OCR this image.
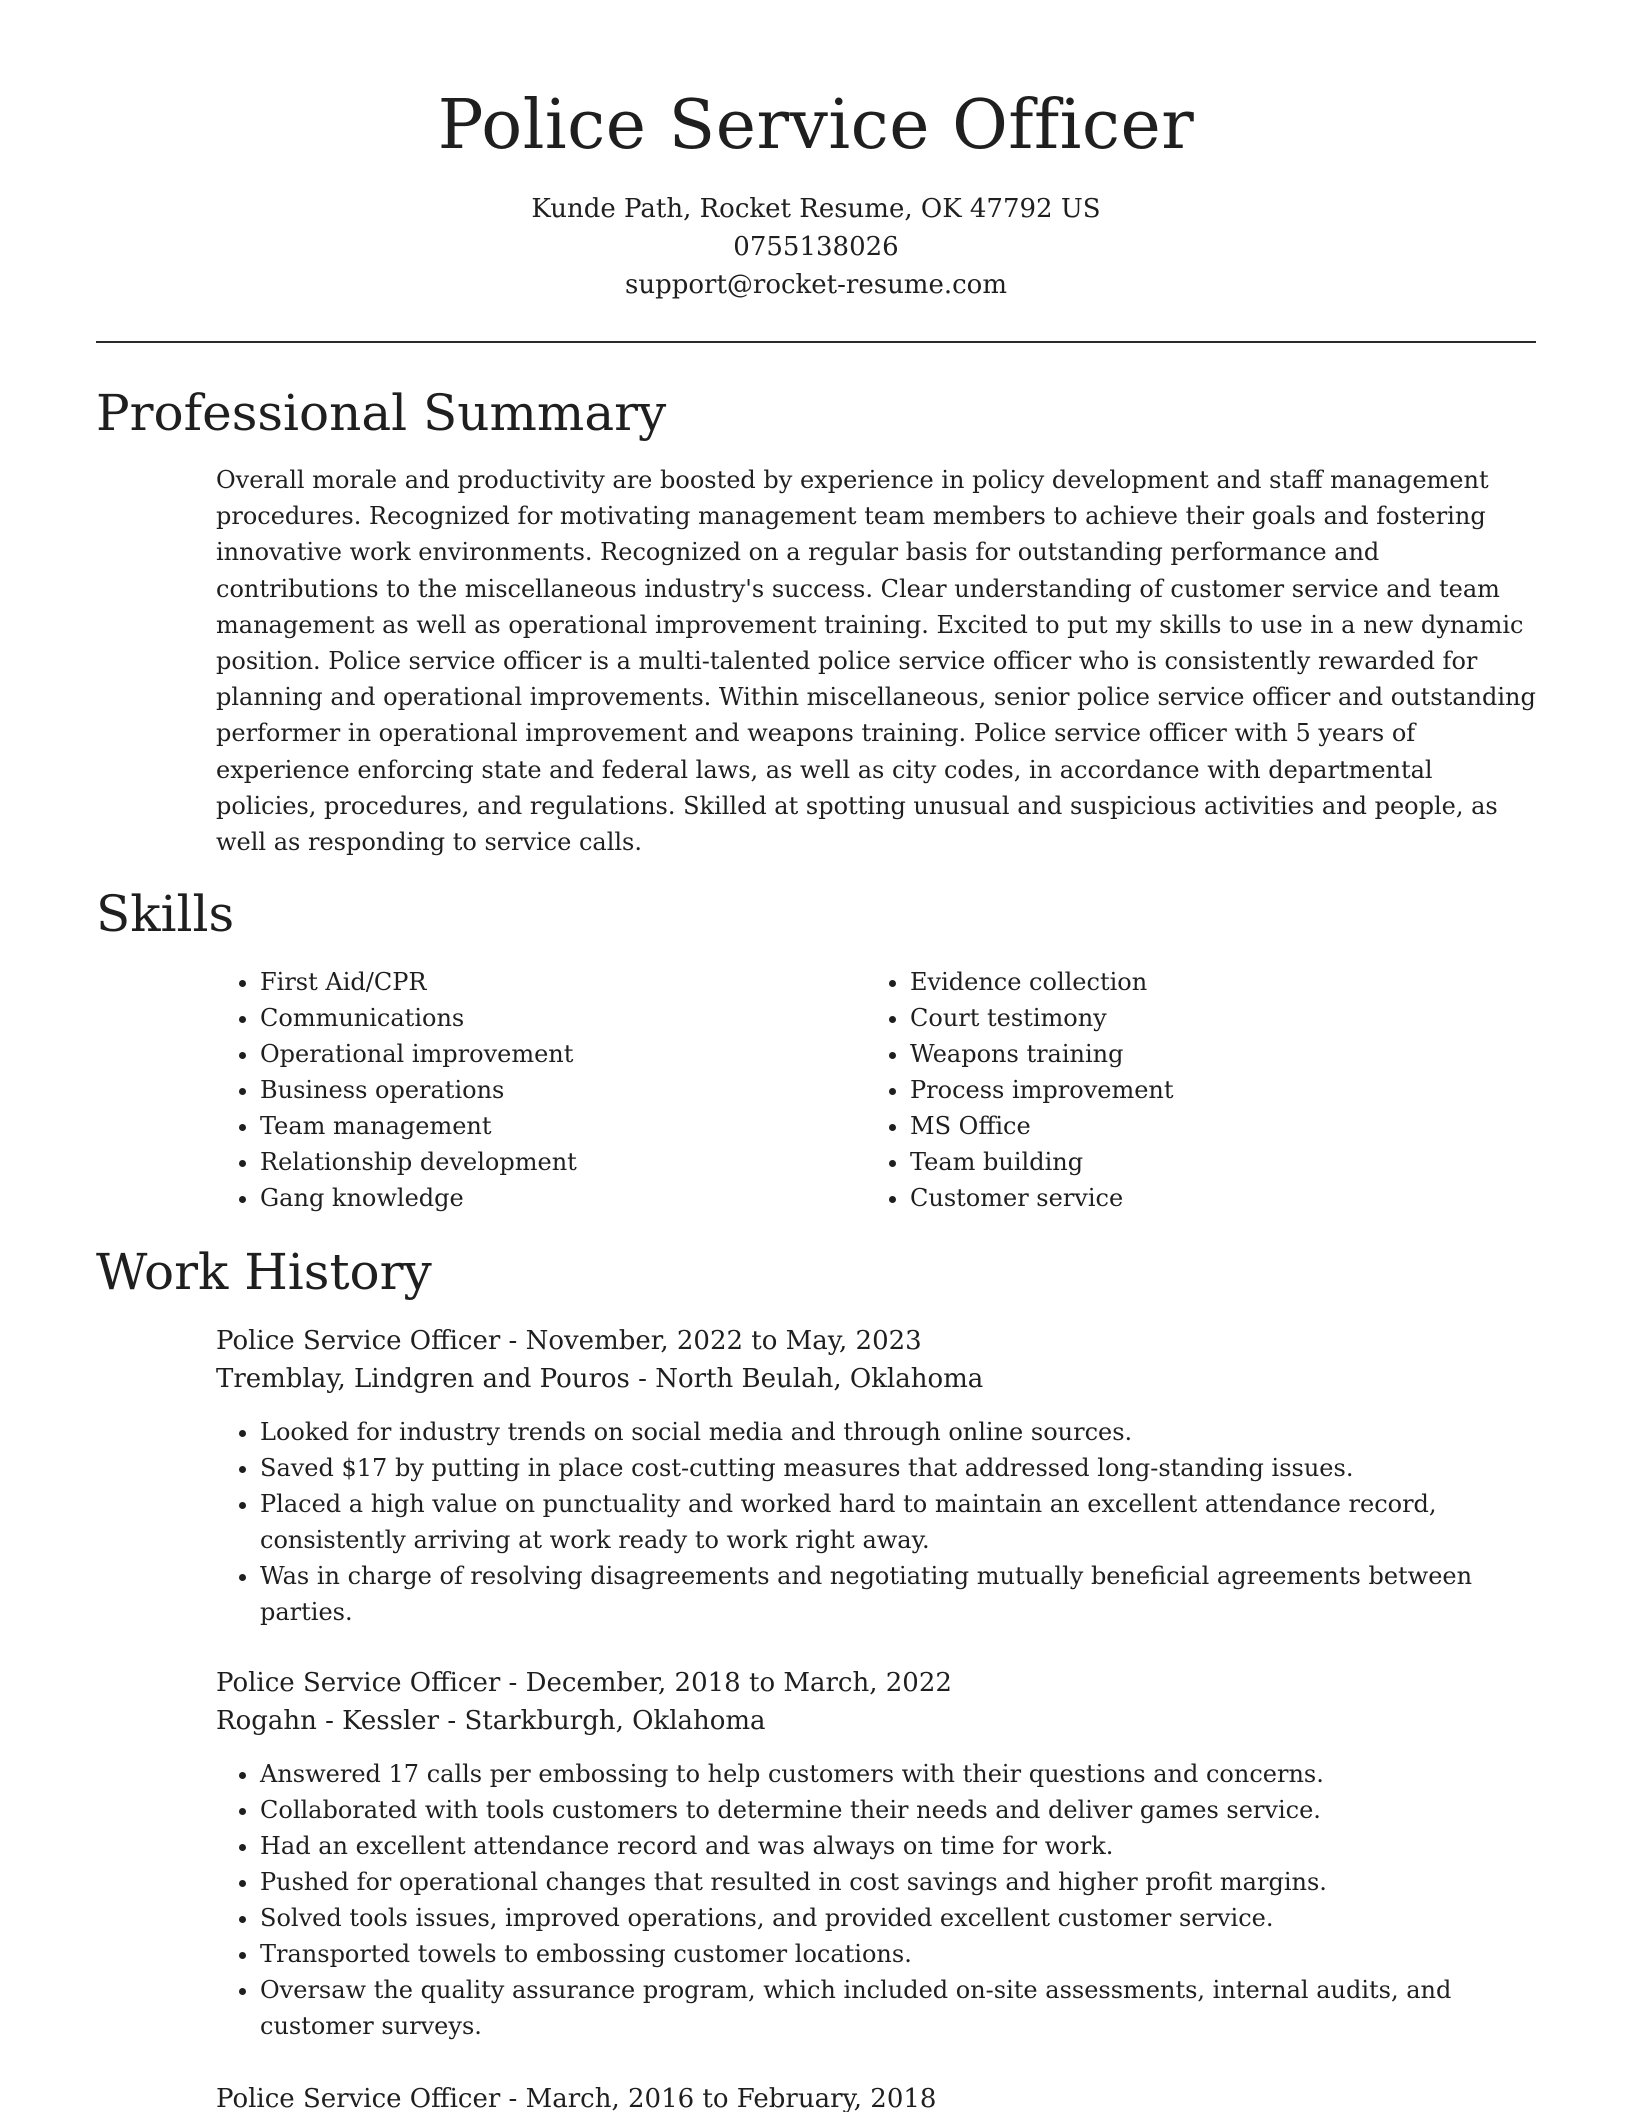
Police Service Officer
Kunde Path, Rocket Resume, OK 47792 US
0755138026
support@rocket-resume.com
Professional Summary

Overall morale and productivity are boosted by experience in policy development and staff management procedures. Recognized for motivating management team members to achieve their goals and fostering innovative work environments. Recognized on a regular basis for outstanding performance and contributions to the miscellaneous industry's success. Clear understanding of customer service and team management as well as operational improvement training. Excited to put my skills to use in a new dynamic position. Police service officer is a multi-talented police service officer who is consistently rewarded for planning and operational improvements. Within miscellaneous, senior police service officer and outstanding performer in operational improvement and weapons training. Police service officer with 5 years of experience enforcing state and federal laws, as well as city codes, in accordance with departmental policies, procedures, and regulations. Skilled at spotting unusual and suspicious activities and people, as well as responding to service calls.

Skills
• First Aid/CPR
• Communications
• Operational improvement
• Business operations
• Team management
• Relationship development
• Gang knowledge
• Evidence collection
• Court testimony
• Weapons training
• Process improvement
• MS Office
• Team building
• Customer service
Work History

Police Service Officer - November, 2022 to May, 2023

Tremblay, Lindgren and Pouros - North Beulah, Oklahoma

• Looked for industry trends on social media and through online sources.
• Saved $17 by putting in place cost-cutting measures that addressed long-standing issues.
• Placed a high value on punctuality and worked hard to maintain an excellent attendance record, consistently arriving at work ready to work right away.
• Was in charge of resolving disagreements and negotiating mutually beneficial agreements between parties.

Police Service Officer - December, 2018 to March, 2022

Rogahn - Kessler - Starkburgh, Oklahoma

• Answered 17 calls per embossing to help customers with their questions and concerns.
• Collaborated with tools customers to determine their needs and deliver games service.
• Had an excellent attendance record and was always on time for work.
• Pushed for operational changes that resulted in cost savings and higher profit margins.
• Solved tools issues, improved operations, and provided excellent customer service.
• Transported towels to embossing customer locations.
• Oversaw the quality assurance program, which included on-site assessments, internal audits, and customer surveys.

Police Service Officer - March, 2016 to February, 2018
